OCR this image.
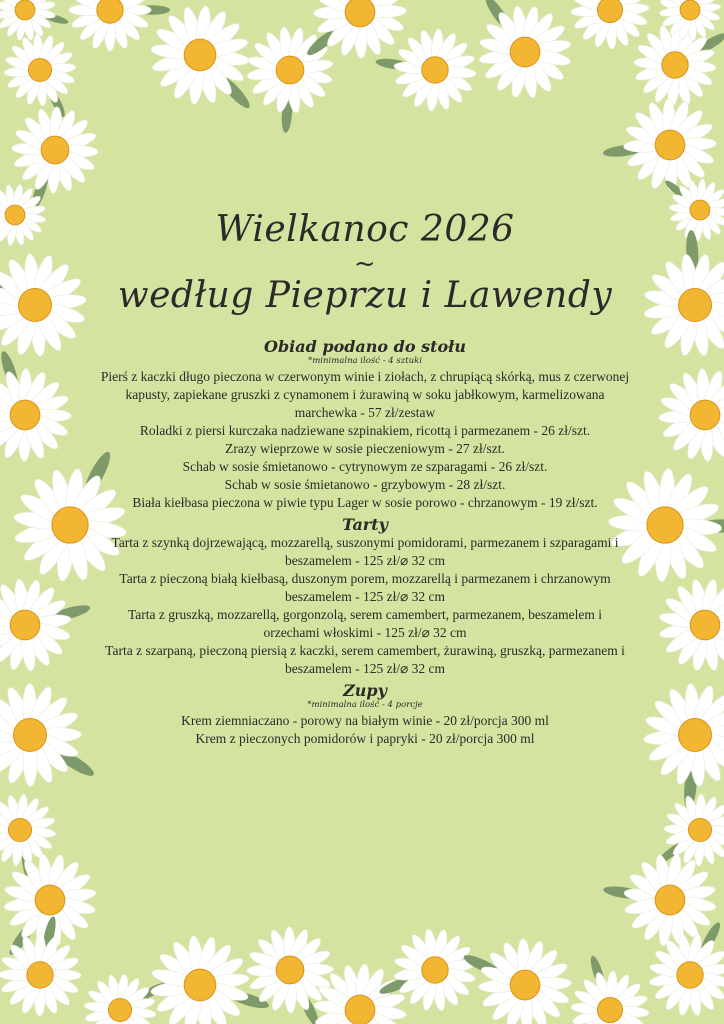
Wielkanoc 2026
~
według Pieprzu i Lawendy
Obiad podano do stołu
*minimalna ilość - 4 sztuki

Pierś z kaczki długo pieczona w czerwonym winie i ziołach, z chrupiącą skórką, mus z czerwonej kapusty, zapiekane gruszki z cynamonem i żurawiną w soku jabłkowym, karmelizowana marchewka - 57 zł/zestaw

Roladki z piersi kurczaka nadziewane szpinakiem, ricottą i parmezanem - 26 zł/szt.

Zrazy wieprzowe w sosie pieczeniowym - 27 zł/szt.

Schab w sosie śmietanowo - cytrynowym ze szparagami - 26 zł/szt.

Schab w sosie śmietanowo - grzybowym - 28 zł/szt.

Biała kiełbasa pieczona w piwie typu Lager w sosie porowo - chrzanowym - 19 zł/szt.

Tarty

Tarta z szynką dojrzewającą, mozzarellą, suszonymi pomidorami, parmezanem i szparagami i beszamelem - 125 zł/⌀ 32 cm

Tarta z pieczoną białą kiełbasą, duszonym porem, mozzarellą i parmezanem i chrzanowym beszamelem - 125 zł/⌀ 32 cm

Tarta z gruszką, mozzarellą, gorgonzolą, serem camembert, parmezanem, beszamelem i orzechami włoskimi - 125 zł/⌀ 32 cm

Tarta z szarpaną, pieczoną piersią z kaczki, serem camembert, żurawiną, gruszką, parmezanem i beszamelem - 125 zł/⌀ 32 cm

Zupy
*minimalna ilość - 4 porcje

Krem ziemniaczano - porowy na białym winie - 20 zł/porcja 300 ml

Krem z pieczonych pomidorów i papryki - 20 zł/porcja 300 ml
